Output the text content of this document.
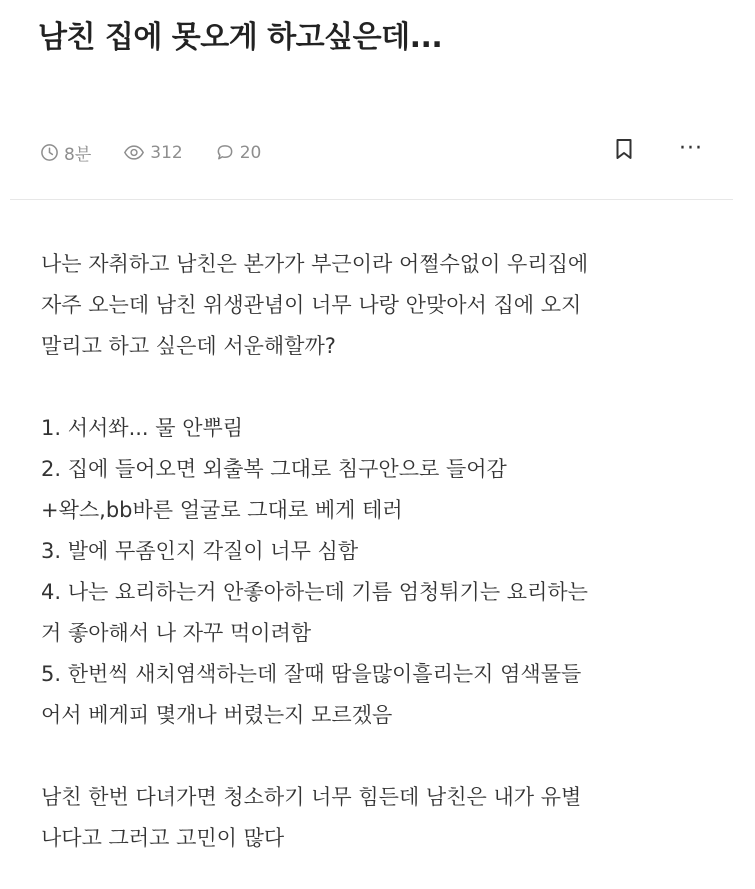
남친 집에 못오게 하고싶은데...
8분	312	20	···
나는 자취하고 남친은 본가가 부근이라 어쩔수없이 우리집에
자주 오는데 남친 위생관념이 너무 나랑 안맞아서 집에 오지
말리고 하고 싶은데 서운해할까?
1. 서서쏴... 물 안뿌림
2. 집에 들어오면 외출복 그대로 침구안으로 들어감
+왁스,bb바른 얼굴로 그대로 베게 테러
3. 발에 무좀인지 각질이 너무 심함
4. 나는 요리하는거 안좋아하는데 기름 엄청튀기는 요리하는
거 좋아해서 나 자꾸 먹이려함
5. 한번씩 새치염색하는데 잘때 땀을많이흘리는지 염색물들
어서 베게피 몇개나 버렸는지 모르겠음
남친 한번 다녀가면 청소하기 너무 힘든데 남친은 내가 유별
나다고 그러고 고민이 많다
